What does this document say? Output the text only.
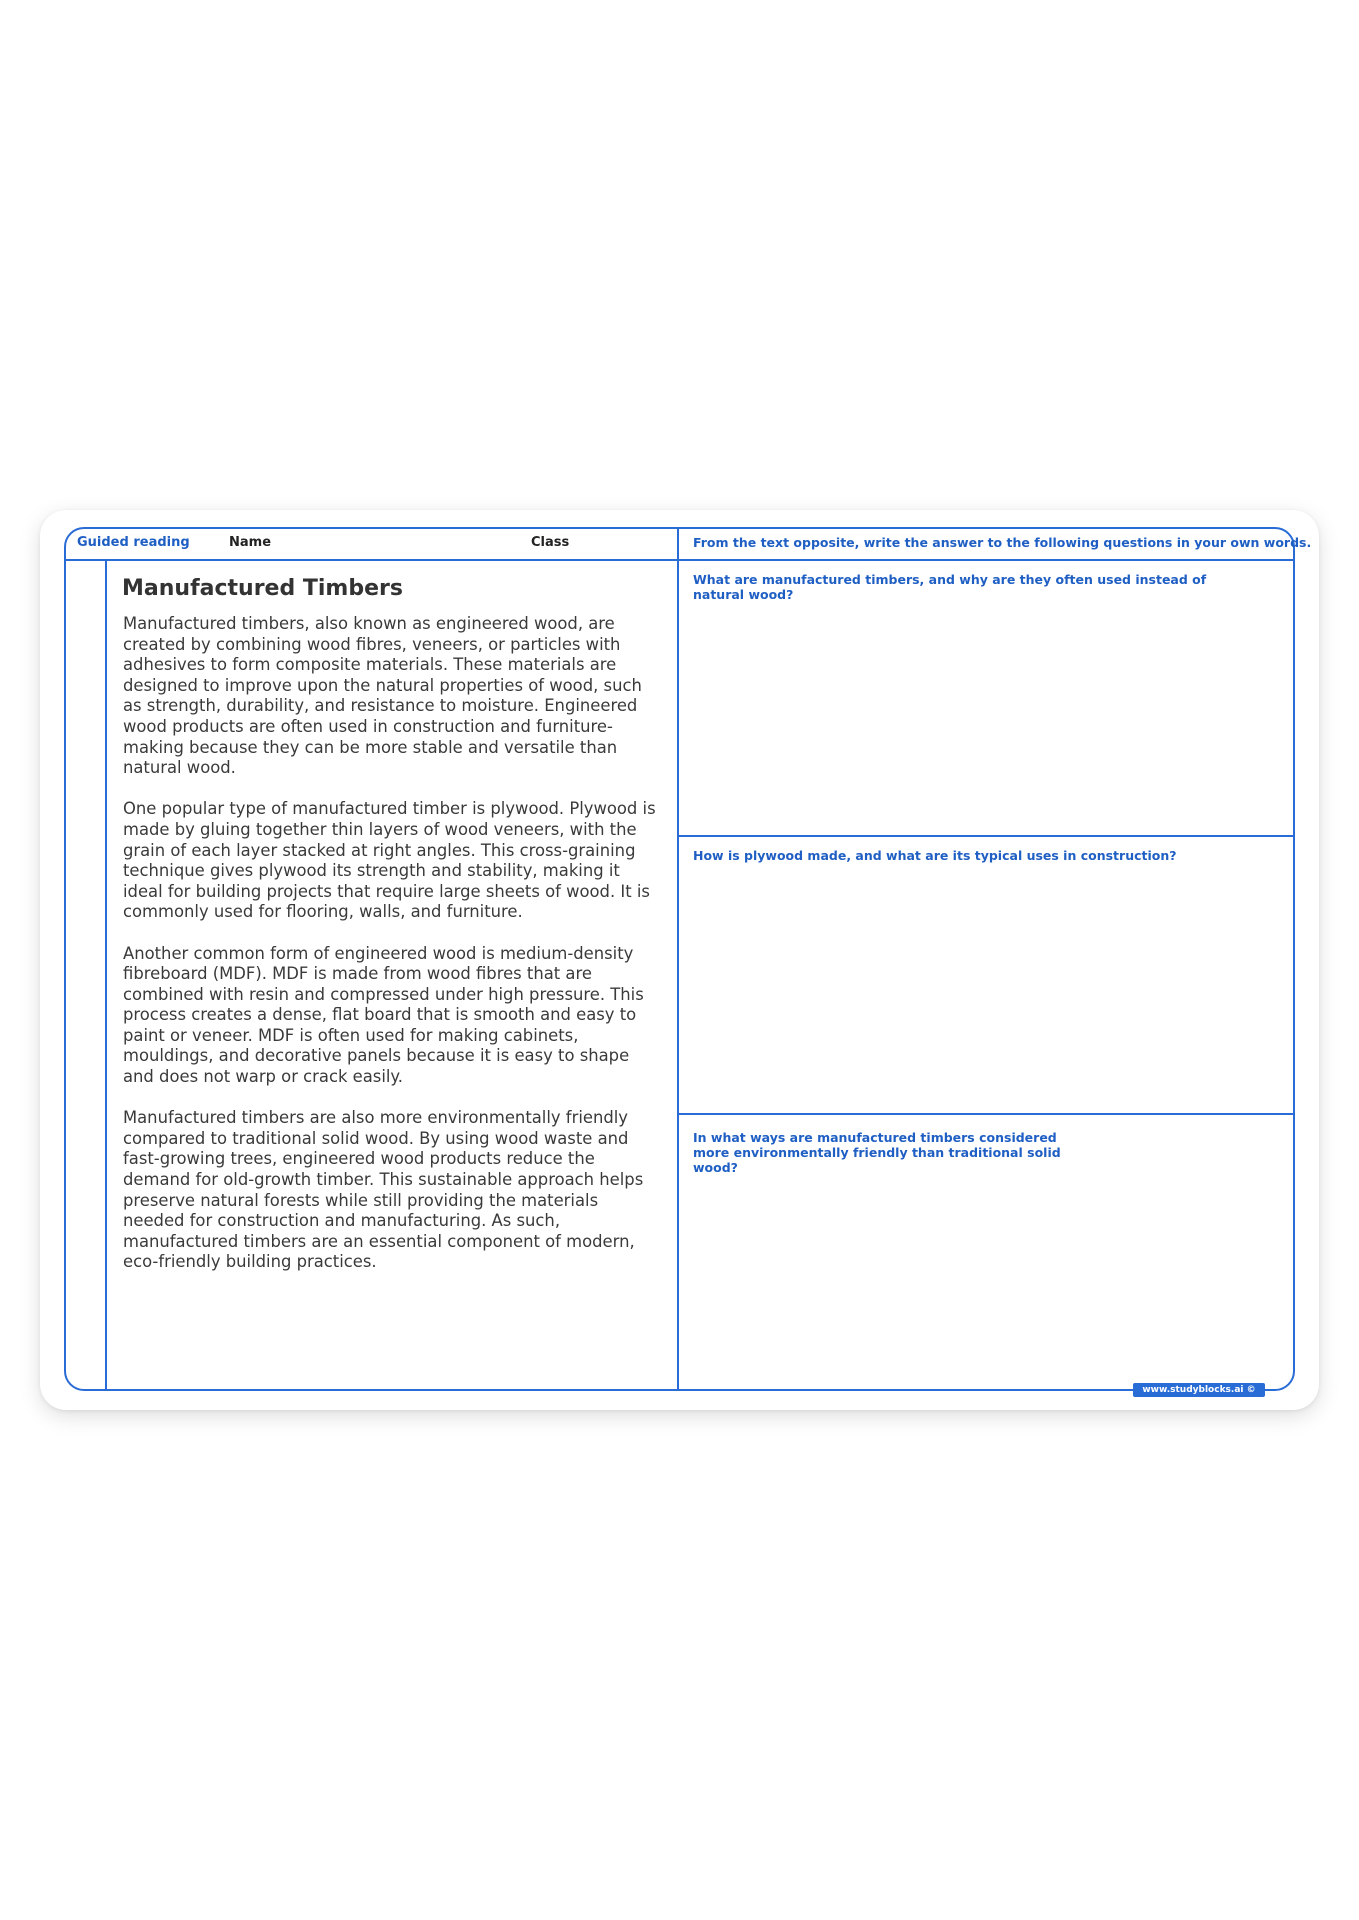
Guided reading	Name	Class	From the text opposite, write the answer to the following questions in your own words.
Manufactured Timbers

Manufactured timbers, also known as engineered wood, are created by combining wood fibres, veneers, or particles with adhesives to form composite materials. These materials are designed to improve upon the natural properties of wood, such as strength, durability, and resistance to moisture. Engineered wood products are often used in construction and furniture-making because they can be more stable and versatile than natural wood.

One popular type of manufactured timber is plywood. Plywood is made by gluing together thin layers of wood veneers, with the grain of each layer stacked at right angles. This cross-graining technique gives plywood its strength and stability, making it ideal for building projects that require large sheets of wood. It is commonly used for flooring, walls, and furniture.

Another common form of engineered wood is medium-density fibreboard (MDF). MDF is made from wood fibres that are combined with resin and compressed under high pressure. This process creates a dense, flat board that is smooth and easy to paint or veneer. MDF is often used for making cabinets, mouldings, and decorative panels because it is easy to shape and does not warp or crack easily.

Manufactured timbers are also more environmentally friendly compared to traditional solid wood. By using wood waste and fast-growing trees, engineered wood products reduce the demand for old-growth timber. This sustainable approach helps preserve natural forests while still providing the materials needed for construction and manufacturing. As such, manufactured timbers are an essential component of modern, eco-friendly building practices.

What are manufactured timbers, and why are they often used instead of natural wood?
How is plywood made, and what are its typical uses in construction?
In what ways are manufactured timbers considered more environmentally friendly than traditional solid wood?
www.studyblocks.ai © 2024
